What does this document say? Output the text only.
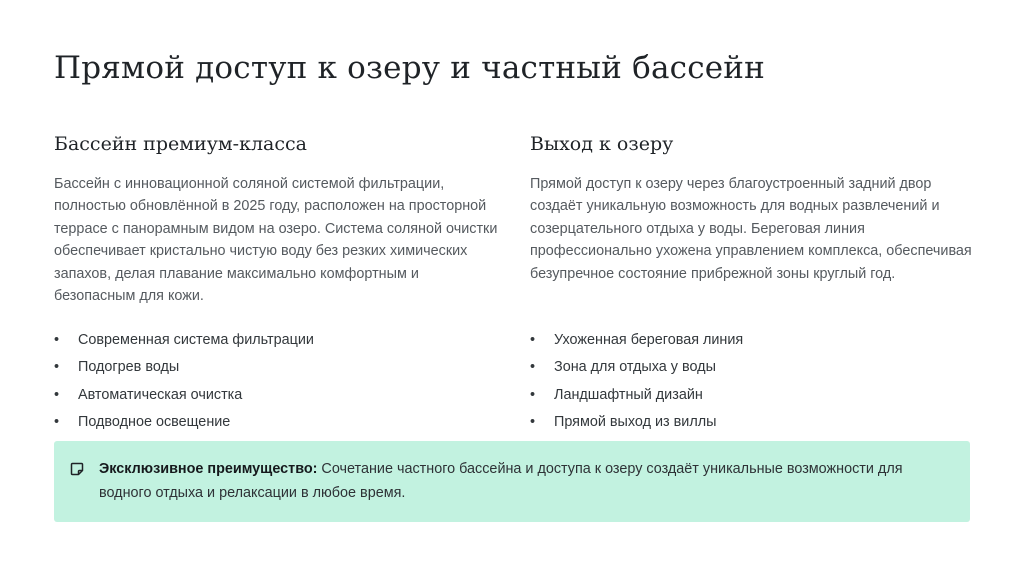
Прямой доступ к озеру и частный бассейн
Бассейн премиум-класса

Бассейн с инновационной соляной системой фильтрации, полностью обновлённой в 2025 году, расположен на просторной террасе с панорамным видом на озеро. Система соляной очистки обеспечивает кристально чистую воду без резких химических запахов, делая плавание максимально комфортным и безопасным для кожи.

• Современная система фильтрации
• Подогрев воды
• Автоматическая очистка
• Подводное освещение
Выход к озеру

Прямой доступ к озеру через благоустроенный задний двор создаёт уникальную возможность для водных развлечений и созерцательного отдыха у воды. Береговая линия профессионально ухожена управлением комплекса, обеспечивая безупречное состояние прибрежной зоны круглый год.

• Ухоженная береговая линия
• Зона для отдыха у воды
• Ландшафтный дизайн
• Прямой выход из виллы
Эксклюзивное преимущество: Сочетание частного бассейна и доступа к озеру создаёт уникальные возможности для водного отдыха и релаксации в любое время.
